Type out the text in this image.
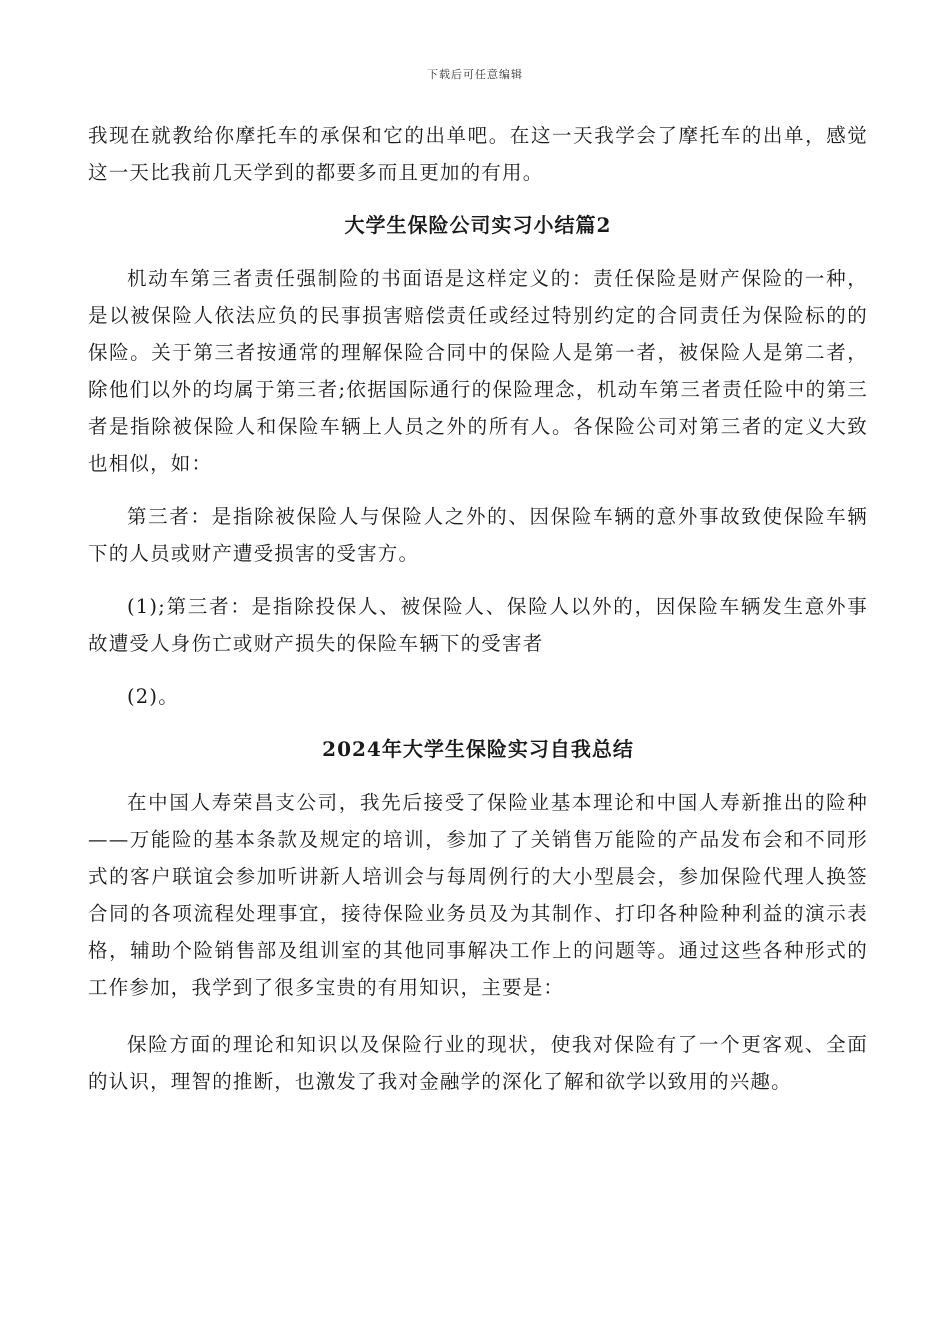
下载后可任意编辑

我现在就教给你摩托车的承保和它的出单吧。在这一天我学会了摩托车的出单，感觉这一天比我前几天学到的都要多而且更加的有用。

大学生保险公司实习小结篇2

机动车第三者责任强制险的书面语是这样定义的：责任保险是财产保险的一种，是以被保险人依法应负的民事损害赔偿责任或经过特别约定的合同责任为保险标的的保险。关于第三者按通常的理解保险合同中的保险人是第一者，被保险人是第二者，除他们以外的均属于第三者;依据国际通行的保险理念，机动车第三者责任险中的第三者是指除被保险人和保险车辆上人员之外的所有人。各保险公司对第三者的定义大致也相似，如：

第三者：是指除被保险人与保险人之外的、因保险车辆的意外事故致使保险车辆下的人员或财产遭受损害的受害方。

(1);第三者：是指除投保人、被保险人、保险人以外的，因保险车辆发生意外事故遭受人身伤亡或财产损失的保险车辆下的受害者

(2)。

2024年大学生保险实习自我总结

在中国人寿荣昌支公司，我先后接受了保险业基本理论和中国人寿新推出的险种——万能险的基本条款及规定的培训，参加了了关销售万能险的产品发布会和不同形式的客户联谊会参加听讲新人培训会与每周例行的大小型晨会，参加保险代理人换签合同的各项流程处理事宜，接待保险业务员及为其制作、打印各种险种利益的演示表格，辅助个险销售部及组训室的其他同事解决工作上的问题等。通过这些各种形式的工作参加，我学到了很多宝贵的有用知识，主要是：

保险方面的理论和知识以及保险行业的现状，使我对保险有了一个更客观、全面的认识，理智的推断，也激发了我对金融学的深化了解和欲学以致用的兴趣。
